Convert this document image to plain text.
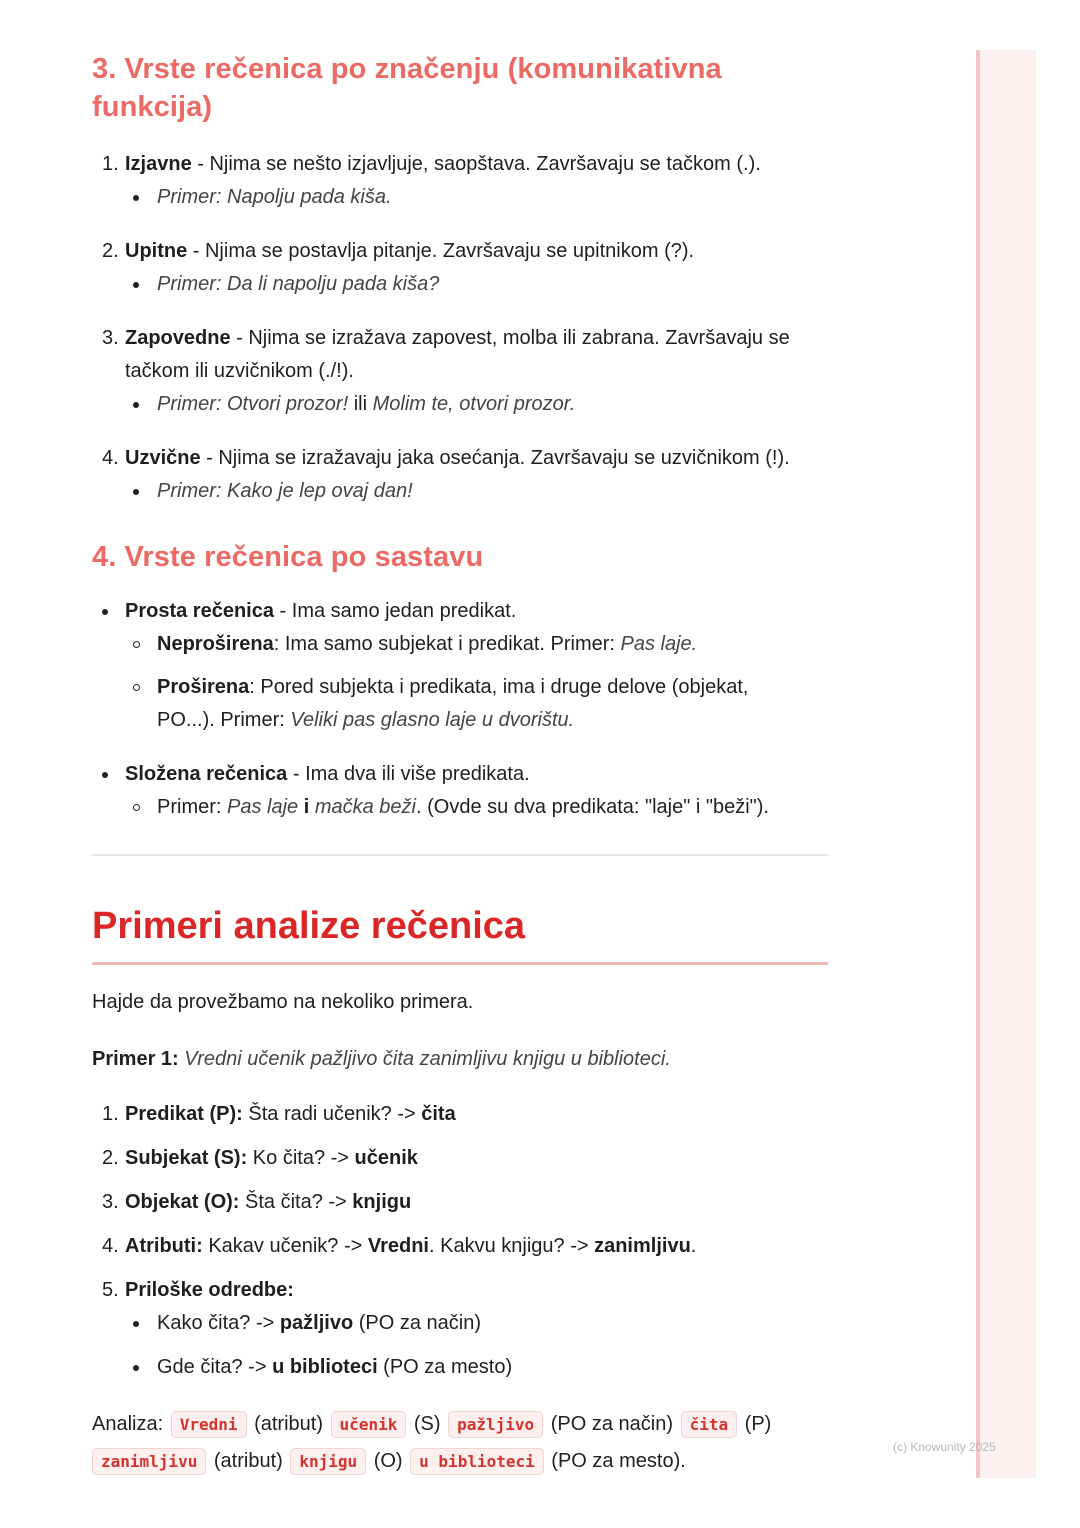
3. Vrste rečenica po značenju (komunikativna
funkcija)
1. Izjavne - Njima se nešto izjavljuje, saopštava. Završavaju se tačkom (.).
Primer: Napolju pada kiša.
2. Upitne - Njima se postavlja pitanje. Završavaju se upitnikom (?).
Primer: Da li napolju pada kiša?
3. Zapovedne - Njima se izražava zapovest, molba ili zabrana. Završavaju se
tačkom ili uzvičnikom (./!).
Primer: Otvori prozor! ili Molim te, otvori prozor.
4. Uzvične - Njima se izražavaju jaka osećanja. Završavaju se uzvičnikom (!).
Primer: Kako je lep ovaj dan!
4. Vrste rečenica po sastavu
Prosta rečenica - Ima samo jedan predikat.
Neproširena: Ima samo subjekat i predikat. Primer: Pas laje.
Proširena: Pored subjekta i predikata, ima i druge delove (objekat,
PO...). Primer: Veliki pas glasno laje u dvorištu.
Složena rečenica - Ima dva ili više predikata.
Primer: Pas laje i mačka beži. (Ovde su dva predikata: "laje" i "beži").
Primeri analize rečenica
Hajde da provežbamo na nekoliko primera.
Primer 1: Vredni učenik pažljivo čita zanimljivu knjigu u biblioteci.
1. Predikat (P): Šta radi učenik? -> čita
2. Subjekat (S): Ko čita? -> učenik
3. Objekat (O): Šta čita? -> knjigu
4. Atributi: Kakav učenik? -> Vredni. Kakvu knjigu? -> zanimljivu.
5. Priloške odredbe:
Kako čita? -> pažljivo (PO za način)
Gde čita? -> u biblioteci (PO za mesto)
Analiza: Vredni (atribut) učenik (S) pažljivo (PO za način) čita (P)
zanimljivu (atribut) knjigu (O) u biblioteci (PO za mesto).
(c) Knowunity 2025
